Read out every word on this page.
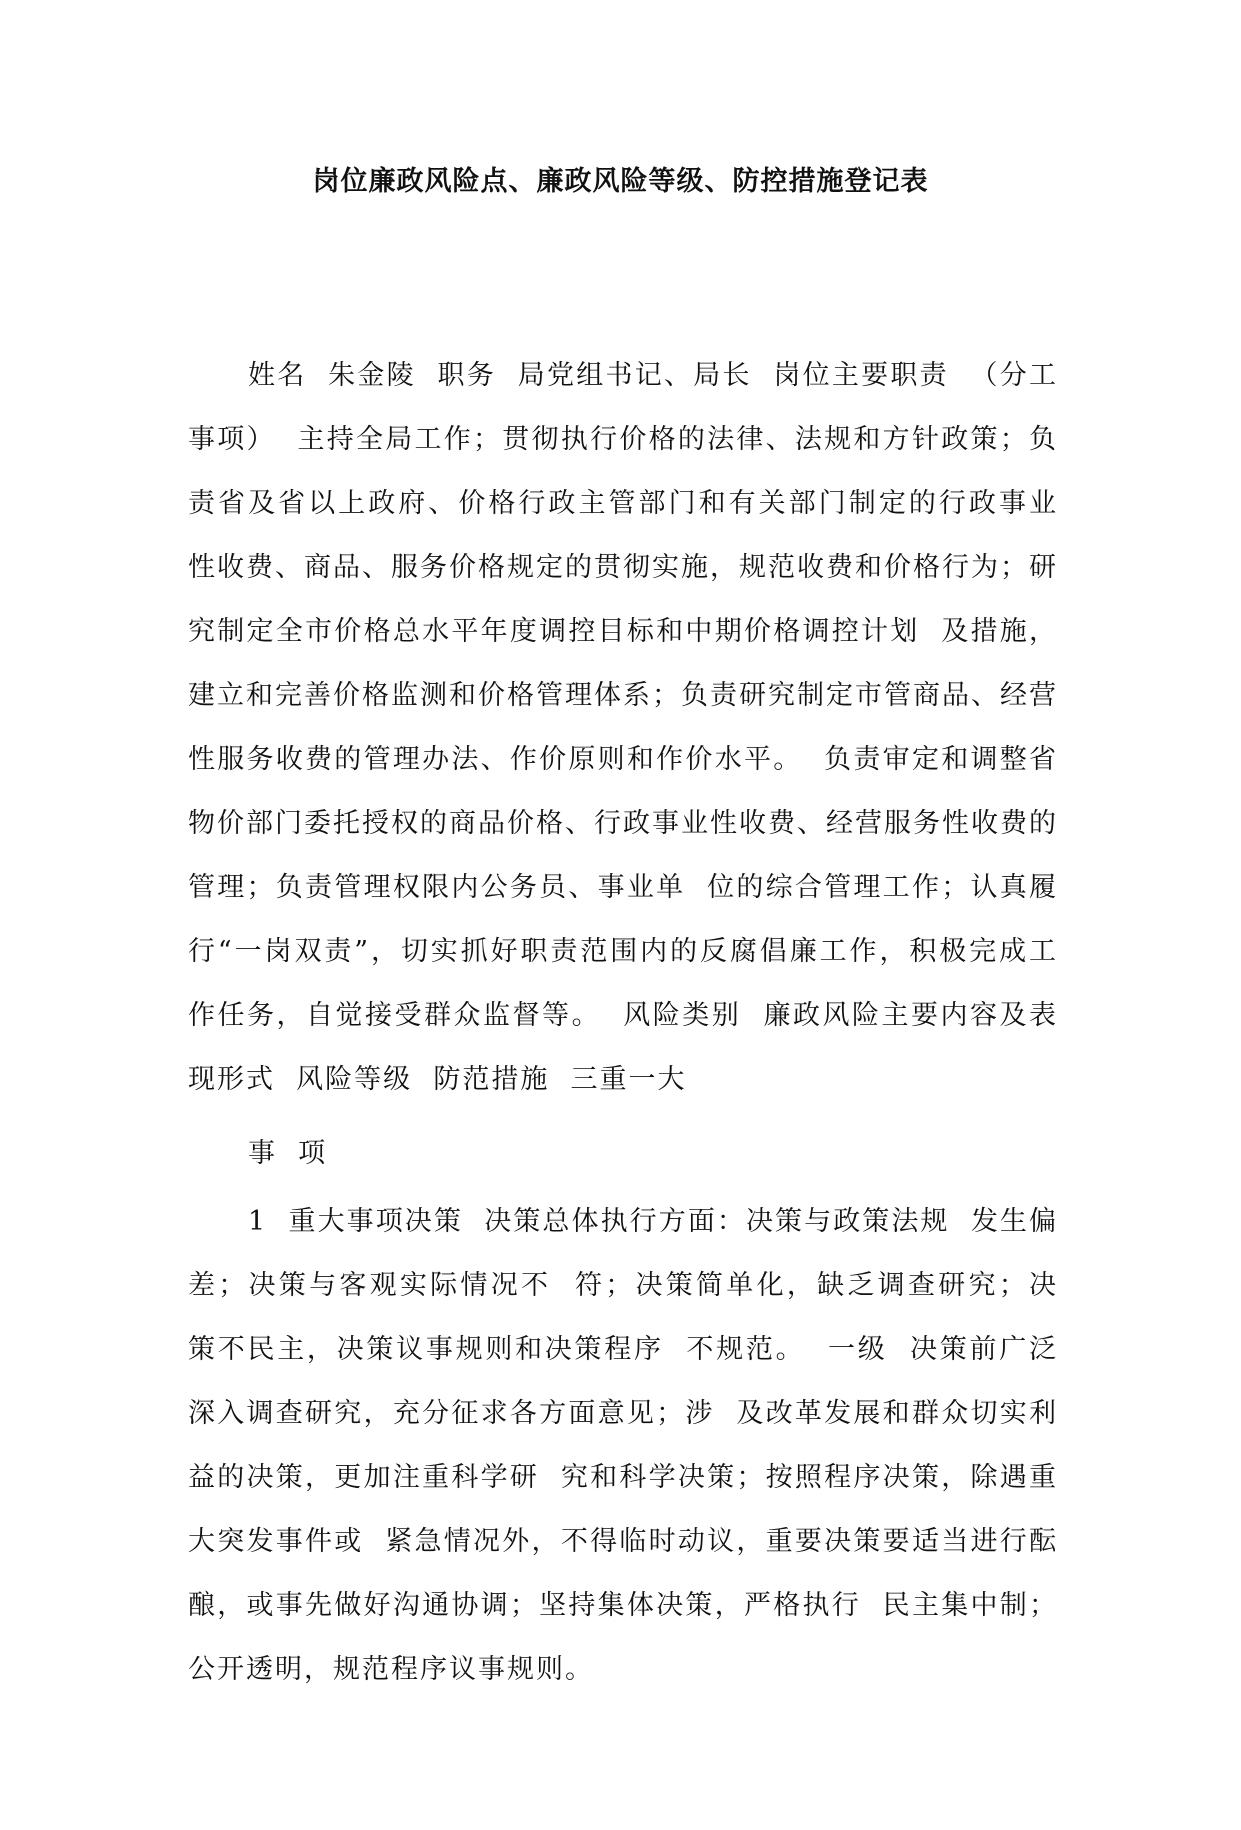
岗位廉政风险点、廉政风险等级、防控措施登记表

姓名  朱金陵  职务  局党组书记、局长  岗位主要职责  （分工事项）  主持全局工作；贯彻执行价格的法律、法规和方针政策；负责省及省以上政府、价格行政主管部门和有关部门制定的行政事业  性收费、商品、服务价格规定的贯彻实施，规范收费和价格行为；研究制定全市价格总水平年度调控目标和中期价格调控计划  及措施，建立和完善价格监测和价格管理体系；负责研究制定市管商品、经营性服务收费的管理办法、作价原则和作价水平。  负责审定和调整省物价部门委托授权的商品价格、行政事业性收费、经营服务性收费的管理；负责管理权限内公务员、事业单  位的综合管理工作；认真履行“一岗双责”，切实抓好职责范围内的反腐倡廉工作，积极完成工作任务，自觉接受群众监督等。  风险类别  廉政风险主要内容及表现形式  风险等级  防范措施  三重一大

事  项

1  重大事项决策  决策总体执行方面：决策与政策法规  发生偏差；决策与客观实际情况不  符；决策简单化，缺乏调查研究；决  策不民主，决策议事规则和决策程序  不规范。  一级  决策前广泛深入调查研究，充分征求各方面意见；涉  及改革发展和群众切实利益的决策，更加注重科学研  究和科学决策；按照程序决策，除遇重大突发事件或  紧急情况外，不得临时动议，重要决策要适当进行酝  酿，或事先做好沟通协调；坚持集体决策，严格执行  民主集中制；公开透明，规范程序议事规则。
